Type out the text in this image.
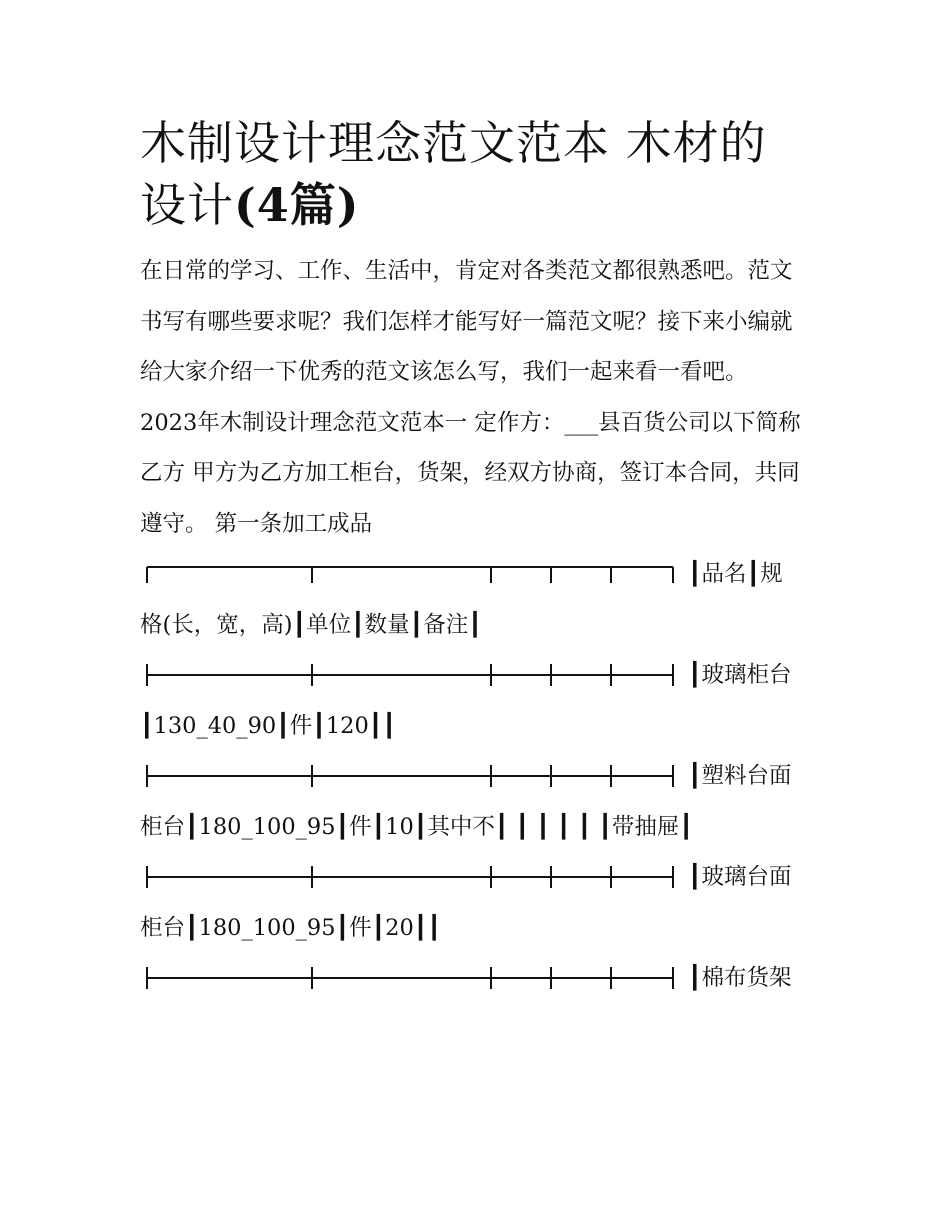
木制设计理念范文范本 木材的设计(4篇)

在日常的学习、工作、生活中，肯定对各类范文都很熟悉吧。范文书写有哪些要求呢？我们怎样才能写好一篇范文呢？接下来小编就给大家介绍一下优秀的范文该怎么写，我们一起来看一看吧。

2023年木制设计理念范文范本一 定作方：___县百货公司以下简称乙方 甲方为乙方加工柜台，货架，经双方协商，签订本合同，共同遵守。 第一条加工成品

┃品名┃规
格(长，宽，高)┃单位┃数量┃备注┃
┃玻璃柜台
┃130_40_90┃件┃120┃┃
┃塑料台面
柜台┃180_100_95┃件┃10┃其中不┃ ┃ ┃ ┃ ┃ ┃带抽屉┃
┃玻璃台面
柜台┃180_100_95┃件┃20┃┃
┃棉布货架
